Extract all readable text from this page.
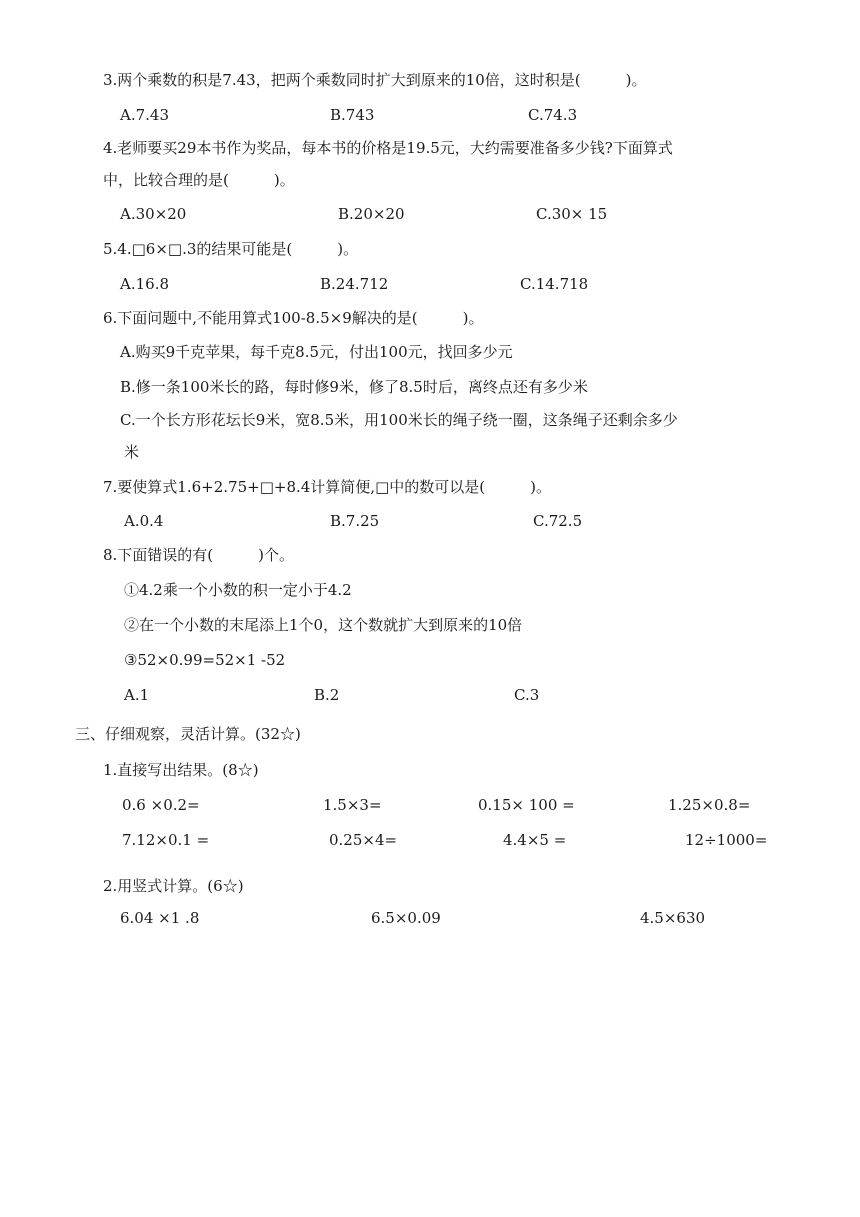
3.两个乘数的积是7.43，把两个乘数同时扩大到原来的10倍，这时积是(　　　)。
A.7.43	B.743	C.74.3
4.老师要买29本书作为奖品，每本书的价格是19.5元，大约需要准备多少钱?下面算式
中，比较合理的是(　　　)。
A.30×20	B.20×20	C.30× 15
5.4.□6×□.3的结果可能是(　　　)。
A.16.8	B.24.712	C.14.718
6.下面问题中,不能用算式100-8.5×9解决的是(　　　)。
A.购买9千克苹果，每千克8.5元，付出100元，找回多少元
B.修一条100米长的路，每时修9米，修了8.5时后，离终点还有多少米
C.一个长方形花坛长9米，宽8.5米，用100米长的绳子绕一圈，这条绳子还剩余多少
米
7.要使算式1.6+2.75+□+8.4计算简便,□中的数可以是(　　　)。
A.0.4	B.7.25	C.72.5
8.下面错误的有(　　　)个。
①4.2乘一个小数的积一定小于4.2
②在一个小数的末尾添上1个0，这个数就扩大到原来的10倍
③52×0.99=52×1 -52
A.1	B.2	C.3
三、仔细观察，灵活计算。(32☆)
1.直接写出结果。(8☆)
0.6 ×0.2=	1.5×3=	0.15× 100 =	1.25×0.8=
7.12×0.1 =	0.25×4=	4.4×5 =	12÷1000=
2.用竖式计算。(6☆)
6.04 ×1 .8	6.5×0.09	4.5×630
